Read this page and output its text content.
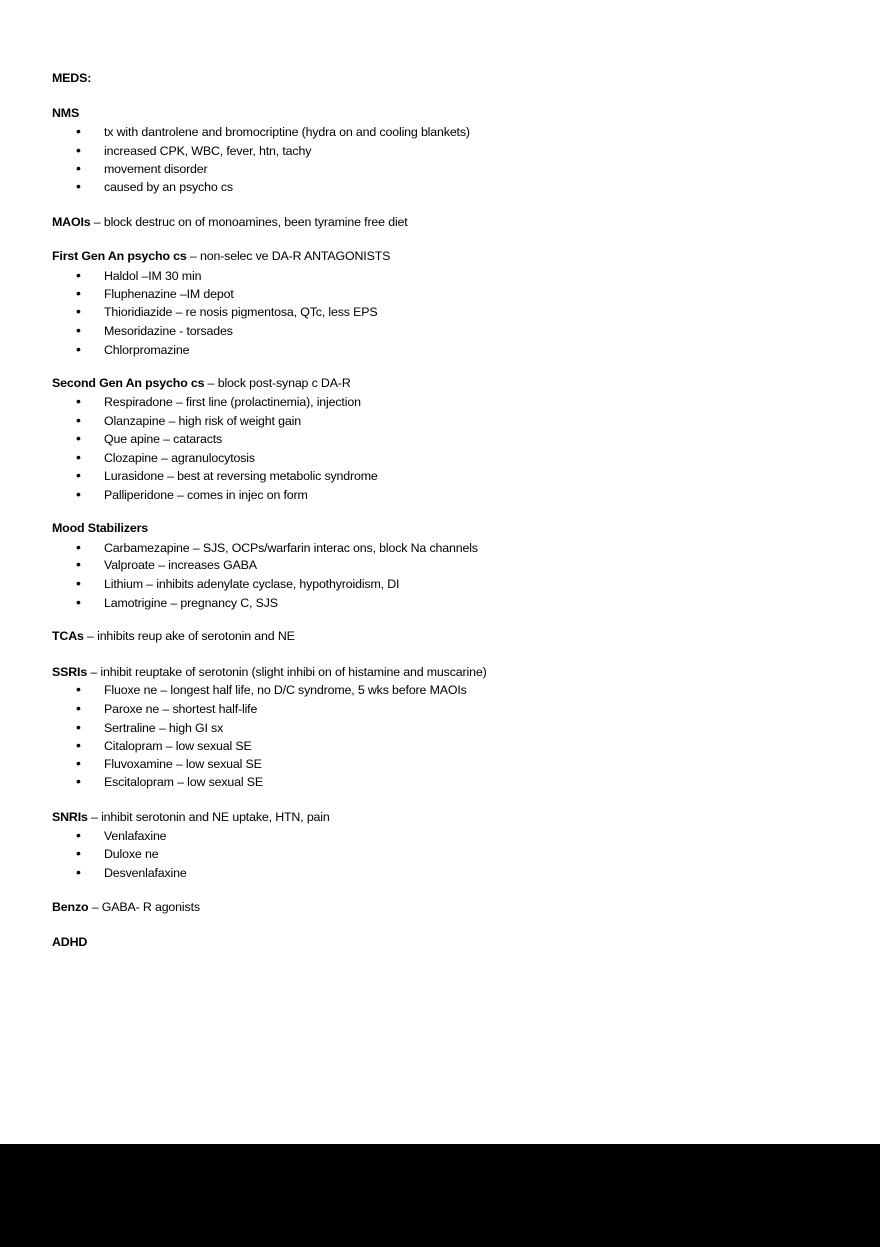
MEDS:
NMS
•tx with dantrolene and bromocriptine (hydra on and cooling blankets)
•increased CPK, WBC, fever, htn, tachy
•movement disorder
•caused by an psycho cs
MAOIs – block destruc on of monoamines, been tyramine free diet
First Gen An psycho cs – non-selec ve DA-R ANTAGONISTS
•Haldol –IM 30 min
•Fluphenazine –IM depot
•Thioridiazide – re nosis pigmentosa, QTc, less EPS
•Mesoridazine - torsades
•Chlorpromazine
Second Gen An psycho cs – block post-synap c DA-R
•Respiradone – first line (prolactinemia), injection
•Olanzapine – high risk of weight gain
•Que apine – cataracts
•Clozapine – agranulocytosis
•Lurasidone – best at reversing metabolic syndrome
•Palliperidone – comes in injec on form
Mood Stabilizers
•Carbamezapine – SJS, OCPs/warfarin interac ons, block Na channels
•Valproate – increases GABA
•Lithium – inhibits adenylate cyclase, hypothyroidism, DI
•Lamotrigine – pregnancy C, SJS
TCAs – inhibits reup ake of serotonin and NE
SSRIs – inhibit reuptake of serotonin (slight inhibi on of histamine and muscarine)
•Fluoxe ne – longest half life, no D/C syndrome, 5 wks before MAOIs
•Paroxe ne – shortest half-life
•Sertraline – high GI sx
•Citalopram – low sexual SE
•Fluvoxamine – low sexual SE
•Escitalopram – low sexual SE
SNRIs – inhibit serotonin and NE uptake, HTN, pain
•Venlafaxine
•Duloxe ne
•Desvenlafaxine
Benzo – GABA- R agonists
ADHD
